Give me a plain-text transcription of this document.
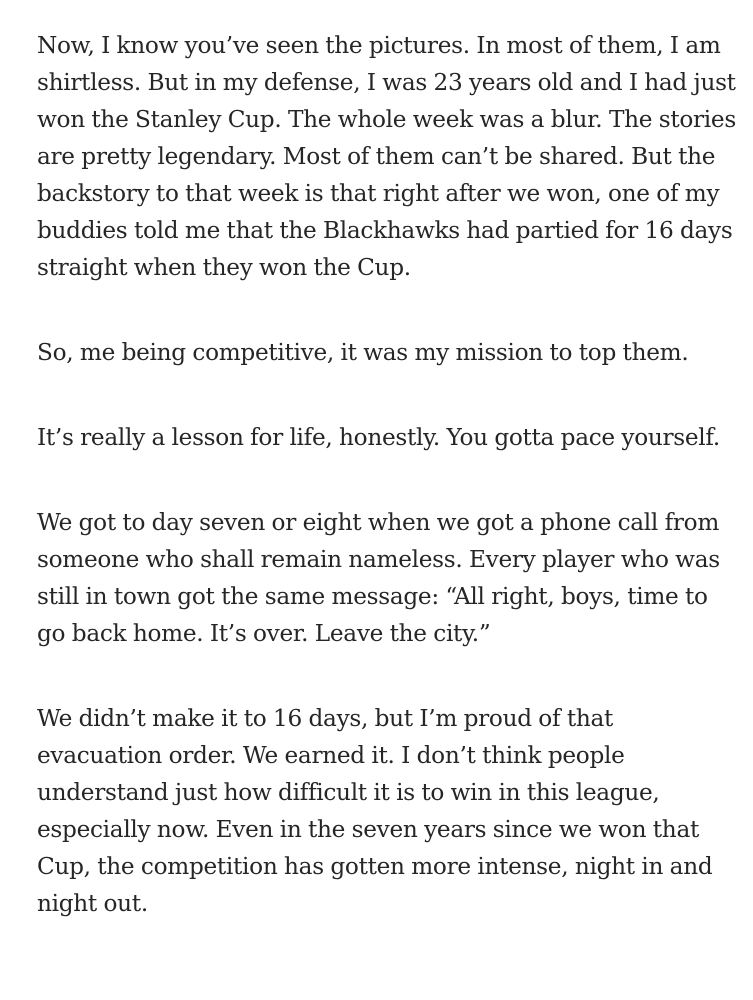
Now, I know you’ve seen the pictures. In most of them, I am shirtless. But in my defense, I was 23 years old and I had just won the Stanley Cup. The whole week was a blur. The stories are pretty legendary. Most of them can’t be shared. But the backstory to that week is that right after we won, one of my buddies told me that the Blackhawks had partied for 16 days straight when they won the Cup.

So, me being competitive, it was my mission to top them.

It’s really a lesson for life, honestly. You gotta pace yourself.

We got to day seven or eight when we got a phone call from someone who shall remain nameless. Every player who was still in town got the same message: “All right, boys, time to go back home. It’s over. Leave the city.”

We didn’t make it to 16 days, but I’m proud of that evacuation order. We earned it. I don’t think people understand just how difficult it is to win in this league, especially now. Even in the seven years since we won that Cup, the competition has gotten more intense, night in and night out.
